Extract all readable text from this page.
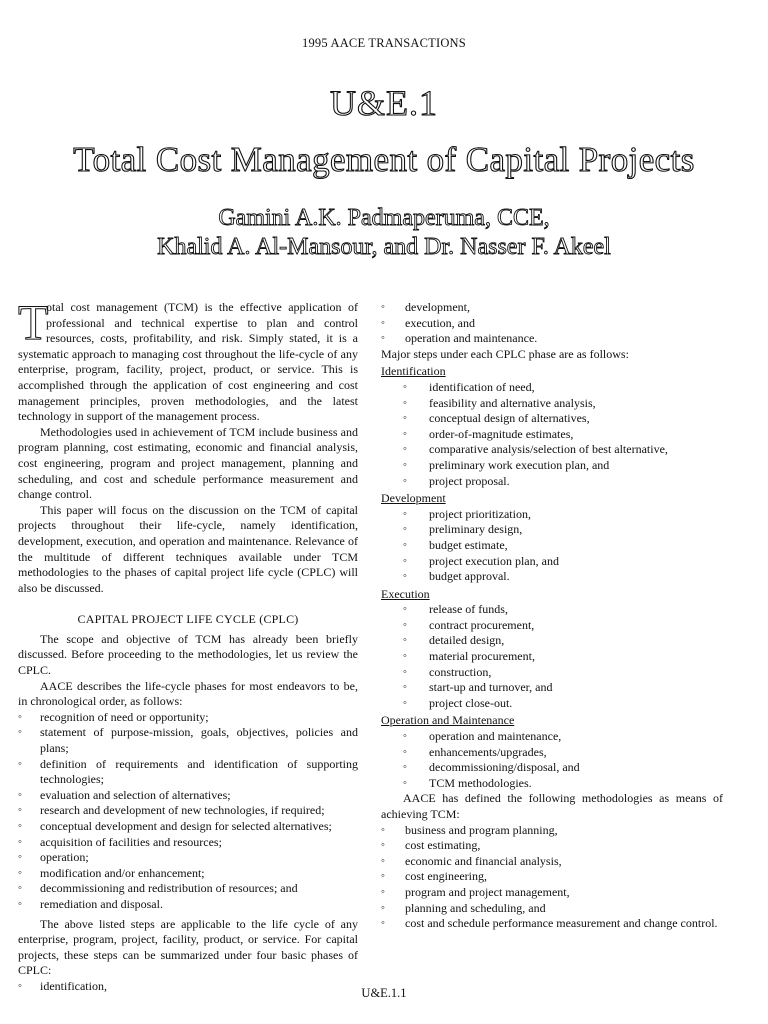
1995 AACE TRANSACTIONS
U&E.1
Total Cost Management of Capital Projects
Gamini A.K. Padmaperuma, CCE,
Khalid A. Al-Mansour, and Dr. Nasser F. Akeel
T

otal cost management (TCM) is the effective application of professional and technical expertise to plan and control resources, costs, profitability, and risk. Simply stated, it is a systematic approach to managing cost throughout the life-cycle of any enterprise, program, facility, project, product, or service. This is accomplished through the application of cost engineering and cost management principles, proven methodologies, and the latest technology in support of the management process.

Methodologies used in achievement of TCM include business and program planning, cost estimating, economic and financial analysis, cost engineering, program and project management, planning and scheduling, and cost and schedule performance measurement and change control.

This paper will focus on the discussion on the TCM of capital projects throughout their life-cycle, namely identification, development, execution, and operation and maintenance. Relevance of the multitude of different techniques available under TCM methodologies to the phases of capital project life cycle (CPLC) will also be discussed.

CAPITAL PROJECT LIFE CYCLE (CPLC)

The scope and objective of TCM has already been briefly discussed. Before proceeding to the methodologies, let us review the CPLC.

AACE describes the life-cycle phases for most endeavors to be, in chronological order, as follows:

◦ recognition of need or opportunity;
◦ statement of purpose-mission, goals, objectives, policies and plans;
◦ definition of requirements and identification of supporting technologies;
◦ evaluation and selection of alternatives;
◦ research and development of new technologies, if required;
◦ conceptual development and design for selected alternatives;
◦ acquisition of facilities and resources;
◦ operation;
◦ modification and/or enhancement;
◦ decommissioning and redistribution of resources; and
◦ remediation and disposal.

The above listed steps are applicable to the life cycle of any enterprise, program, project, facility, product, or service. For capital projects, these steps can be summarized under four basic phases of CPLC:

◦ identification,
◦ development,
◦ execution, and
◦ operation and maintenance.

Major steps under each CPLC phase are as follows:

Identification
◦ identification of need,
◦ feasibility and alternative analysis,
◦ conceptual design of alternatives,
◦ order-of-magnitude estimates,
◦ comparative analysis/selection of best alternative,
◦ preliminary work execution plan, and
◦ project proposal.
Development
◦ project prioritization,
◦ preliminary design,
◦ budget estimate,
◦ project execution plan, and
◦ budget approval.
Execution
◦ release of funds,
◦ contract procurement,
◦ detailed design,
◦ material procurement,
◦ construction,
◦ start-up and turnover, and
◦ project close-out.
Operation and Maintenance
◦ operation and maintenance,
◦ enhancements/upgrades,
◦ decommissioning/disposal, and
◦ TCM methodologies.

AACE has defined the following methodologies as means of achieving TCM:

◦ business and program planning,
◦ cost estimating,
◦ economic and financial analysis,
◦ cost engineering,
◦ program and project management,
◦ planning and scheduling, and
◦ cost and schedule performance measurement and change control.
U&E.1.1
